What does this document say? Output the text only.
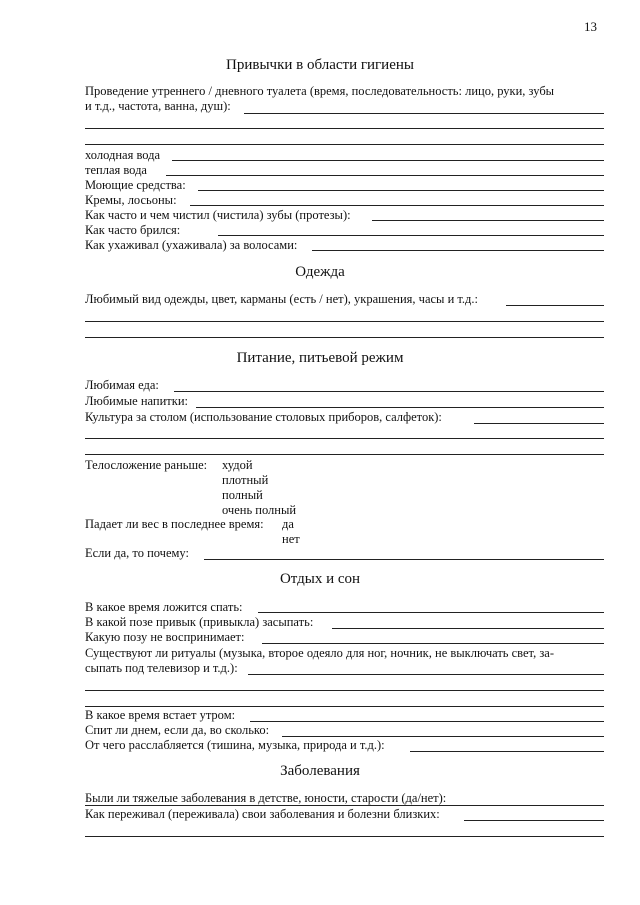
13
Привычки в области гигиены
Проведение утреннего / дневного туалета (время, последовательность: лицо, руки, зубы
и т.д., частота, ванна, душ):
холодная вода
теплая вода
Моющие средства:
Кремы, лосьоны:
Как часто и чем чистил (чистила) зубы (протезы):
Как часто брился:
Как ухаживал (ухаживала) за волосами:
Одежда
Любимый вид одежды, цвет, карманы (есть / нет), украшения, часы и т.д.:
Питание, питьевой режим
Любимая еда:
Любимые напитки:
Культура за столом (использование столовых приборов, салфеток):
Телосложение раньше: худой
плотный
полный
очень полный
Падает ли вес в последнее время: да
нет
Если да, то почему:
Отдых и сон
В какое время ложится спать:
В какой позе привык (привыкла) засыпать:
Какую позу не воспринимает:
Существуют ли ритуалы (музыка, второе одеяло для ног, ночник, не выключать свет, за-
сыпать под телевизор и т.д.):
В какое время встает утром:
Спит ли днем, если да, во сколько:
От чего расслабляется (тишина, музыка, природа и т.д.):
Заболевания
Были ли тяжелые заболевания в детстве, юности, старости (да/нет):
Как переживал (переживала) свои заболевания и болезни близких:
